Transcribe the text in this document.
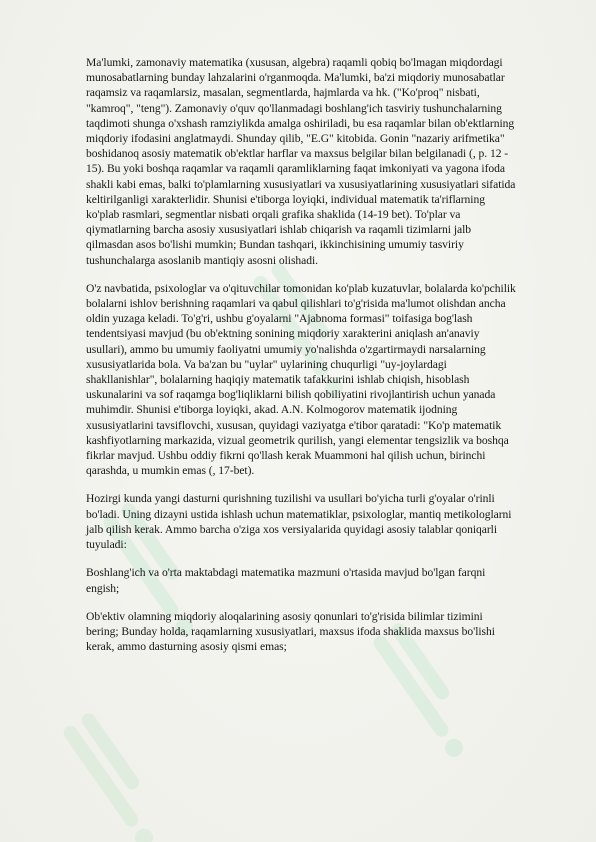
Ma'lumki, zamonaviy matematika (xususan, algebra) raqamli qobiq bo'lmagan miqdordagi munosabatlarning bunday lahzalarini o'rganmoqda. Ma'lumki, ba'zi miqdoriy munosabatlar raqamsiz va raqamlarsiz, masalan, segmentlarda, hajmlarda va hk. ("Ko'proq" nisbati, "kamroq", "teng"). Zamonaviy o'quv qo'llanmadagi boshlang'ich tasviriy tushunchalarning taqdimoti shunga o'xshash ramziylikda amalga oshiriladi, bu esa raqamlar bilan ob'ektlarning miqdoriy ifodasini anglatmaydi. Shunday qilib, "E.G" kitobida. Gonin "nazariy arifmetika" boshidanoq asosiy matematik ob'ektlar harflar va maxsus belgilar bilan belgilanadi (, p. 12 - 15). Bu yoki boshqa raqamlar va raqamli qaramliklarning faqat imkoniyati va yagona ifoda shakli kabi emas, balki to'plamlarning xususiyatlari va xususiyatlarining xususiyatlari sifatida keltirilganligi xarakterlidir. Shunisi e'tiborga loyiqki, individual matematik ta'riflarning ko'plab rasmlari, segmentlar nisbati orqali grafika shaklida (14-19 bet). To'plar va qiymatlarning barcha asosiy xususiyatlari ishlab chiqarish va raqamli tizimlarni jalb qilmasdan asos bo'lishi mumkin; Bundan tashqari, ikkinchisining umumiy tasviriy tushunchalarga asoslanib mantiqiy asosni olishadi.

O'z navbatida, psixologlar va o'qituvchilar tomonidan ko'plab kuzatuvlar, bolalarda ko'pchilik bolalarni ishlov berishning raqamlari va qabul qilishlari to'g'risida ma'lumot olishdan ancha oldin yuzaga keladi. To'g'ri, ushbu g'oyalarni "Ajabnoma formasi" toifasiga bog'lash tendentsiyasi mavjud (bu ob'ektning sonining miqdoriy xarakterini aniqlash an'anaviy usullari), ammo bu umumiy faoliyatni umumiy yo'nalishda o'zgartirmaydi narsalarning xususiyatlarida bola. Va ba'zan bu "uylar" uylarining chuqurligi "uy-joylardagi shakllanishlar", bolalarning haqiqiy matematik tafakkurini ishlab chiqish, hisoblash uskunalarini va sof raqamga bog'liqliklarni bilish qobiliyatini rivojlantirish uchun yanada muhimdir. Shunisi e'tiborga loyiqki, akad. A.N. Kolmogorov matematik ijodning xususiyatlarini tavsiflovchi, xususan, quyidagi vaziyatga e'tibor qaratadi: "Ko'p matematik kashfiyotlarning markazida, vizual geometrik qurilish, yangi elementar tengsizlik va boshqa fikrlar mavjud. Ushbu oddiy fikrni qo'llash kerak Muammoni hal qilish uchun, birinchi qarashda, u mumkin emas (, 17-bet).

Hozirgi kunda yangi dasturni qurishning tuzilishi va usullari bo'yicha turli g'oyalar o'rinli bo'ladi. Uning dizayni ustida ishlash uchun matematiklar, psixologlar, mantiq metikologlarni jalb qilish kerak. Ammo barcha o'ziga xos versiyalarida quyidagi asosiy talablar qoniqarli tuyuladi:

Boshlang'ich va o'rta maktabdagi matematika mazmuni o'rtasida mavjud bo'lgan farqni engish;

Ob'ektiv olamning miqdoriy aloqalarining asosiy qonunlari to'g'risida bilimlar tizimini bering; Bunday holda, raqamlarning xususiyatlari, maxsus ifoda shaklida maxsus bo'lishi kerak, ammo dasturning asosiy qismi emas;
